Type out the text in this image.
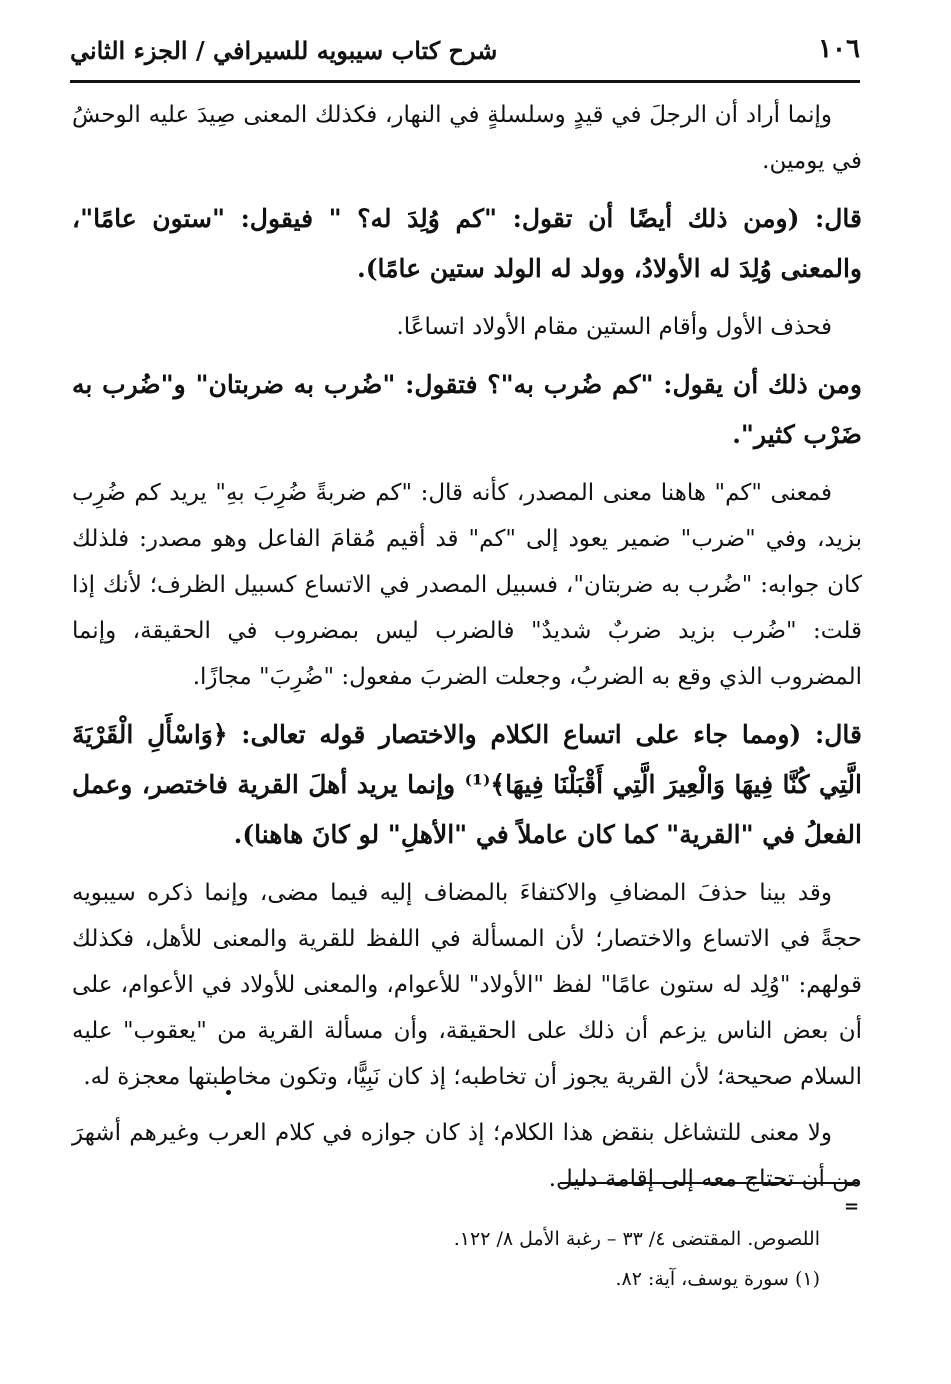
١٠٦
شرح كتاب سيبويه للسيرافي / الجزء الثاني

وإنما أراد أن الرجلَ في قيدٍ وسلسلةٍ في النهار، فكذلك المعنى صِيدَ عليه الوحشُ في يومين.

قال: (ومن ذلك أيضًا أن تقول: "كم وُلِدَ له؟ " فيقول: "ستون عامًا"، والمعنى وُلِدَ له الأولادُ، وولد له الولد ستين عامًا).

فحذف الأول وأقام الستين مقام الأولاد اتساعًا.

ومن ذلك أن يقول: "كم ضُرب به"؟ فتقول: "ضُرب به ضربتان" و"ضُرب به ضَرْب كثير".

فمعنى "كم" هاهنا معنى المصدر، كأنه قال: "كم ضربةً ضُرِبَ بهِ" يريد كم ضُرِب بزيد، وفي "ضرب" ضمير يعود إلى "كم" قد أقيم مُقامَ الفاعل وهو مصدر: فلذلك كان جوابه: "ضُرب به ضربتان"، فسبيل المصدر في الاتساع كسبيل الظرف؛ لأنك إذا قلت: "ضُرب بزيد ضربٌ شديدٌ" فالضرب ليس بمضروب في الحقيقة، وإنما المضروب الذي وقع به الضربُ، وجعلت الضربَ مفعول: "ضُرِبَ" مجازًا.

قال: (ومما جاء على اتساع الكلام والاختصار قوله تعالى: ﴿وَاسْأَلِ الْقَرْيَةَ الَّتِي كُنَّا فِيهَا وَالْعِيرَ الَّتِي أَقْبَلْنَا فِيهَا﴾⁽¹⁾ وإنما يريد أهلَ القرية فاختصر، وعمل الفعلُ في "القرية" كما كان عاملاً في "الأهلِ" لو كانَ هاهنا).

وقد بينا حذفَ المضافِ والاكتفاءَ بالمضاف إليه فيما مضى، وإنما ذكره سيبويه حجةً في الاتساع والاختصار؛ لأن المسألة في اللفظ للقرية والمعنى للأهل، فكذلك قولهم: "وُلِد له ستون عامًا" لفظ "الأولاد" للأعوام، والمعنى للأولاد في الأعوام، على أن بعض الناس يزعم أن ذلك على الحقيقة، وأن مسألة القرية من "يعقوب" عليه السلام صحيحة؛ لأن القرية يجوز أن تخاطبه؛ إذ كان نَبِيًّا، وتكون مخاطبتها معجزة له.

ولا معنى للتشاغل بنقض هذا الكلام؛ إذ كان جوازه في كلام العرب وغيرهم أشهرَ من أن تحتاج معه إلى إقامة دليل.

=

اللصوص. المقتضى ٤/ ٣٣ – رغبة الأمل ٨/ ١٢٢.

(١) سورة يوسف، آية: ٨٢.
